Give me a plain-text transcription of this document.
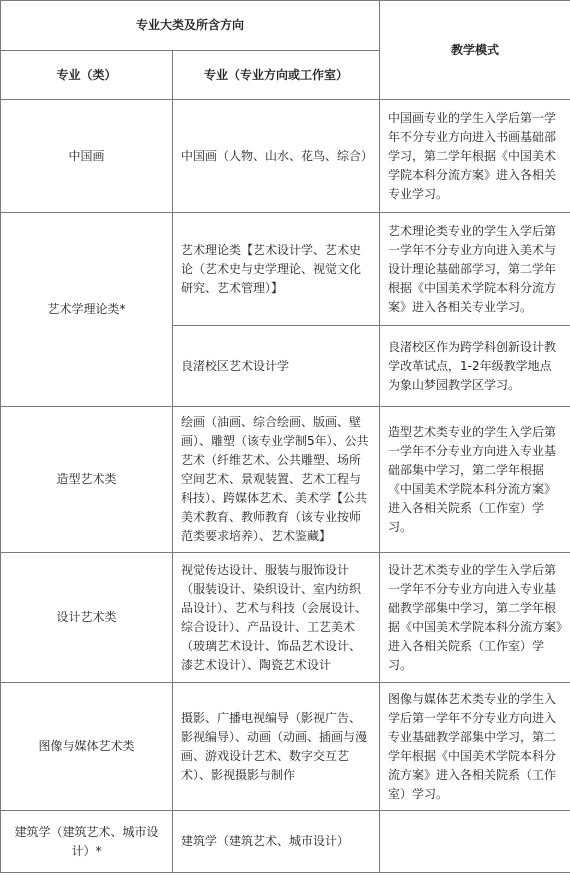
专业大类及所含方向		教学模式
专业（类）	专业（专业方向或工作室）	
中国画	中国画（人物、山水、花鸟、综合）	中国画专业的学生入学后第一学年不分专业方向进入书画基础部学习，第二学年根据《中国美术学院本科分流方案》进入各相关专业学习。
艺术学理论类*	艺术理论类【艺术设计学、艺术史论（艺术史与史学理论、视觉文化研究、艺术管理）】	艺术理论类专业的学生入学后第一学年不分专业方向进入美术与设计理论基础部学习，第二学年根据《中国美术学院本科分流方案》进入各相关专业学习。
	良渚校区艺术设计学	良渚校区作为跨学科创新设计教学改革试点，1-2年级教学地点为象山梦园教学区学习。
造型艺术类	绘画（油画、综合绘画、版画、壁画）、雕塑（该专业学制5年）、公共艺术（纤维艺术、公共雕塑、场所空间艺术、景观装置、艺术工程与科技）、跨媒体艺术、美术学【公共美术教育、教师教育（该专业按师范类要求培养）、艺术鉴藏】	造型艺术类专业的学生入学后第一学年不分专业方向进入专业基础部集中学习，第二学年根据《中国美术学院本科分流方案》进入各相关院系（工作室）学习。
设计艺术类	视觉传达设计、服装与服饰设计（服装设计、染织设计、室内纺织品设计）、艺术与科技（会展设计、综合设计）、产品设计、工艺美术（玻璃艺术设计、饰品艺术设计、漆艺术设计）、陶瓷艺术设计	设计艺术类专业的学生入学后第一学年不分专业方向进入专业基础教学部集中学习，第二学年根据《中国美术学院本科分流方案》进入各相关院系（工作室）学习。
图像与媒体艺术类	摄影、广播电视编导（影视广告、影视编导）、动画（动画、插画与漫画、游戏设计艺术、数字交互艺术）、影视摄影与制作	图像与媒体艺术类专业的学生入学后第一学年不分专业方向进入专业基础教学部集中学习，第二学年根据《中国美术学院本科分流方案》进入各相关院系（工作室）学习。
建筑学（建筑艺术、城市设计）*	建筑学（建筑艺术、城市设计）	
